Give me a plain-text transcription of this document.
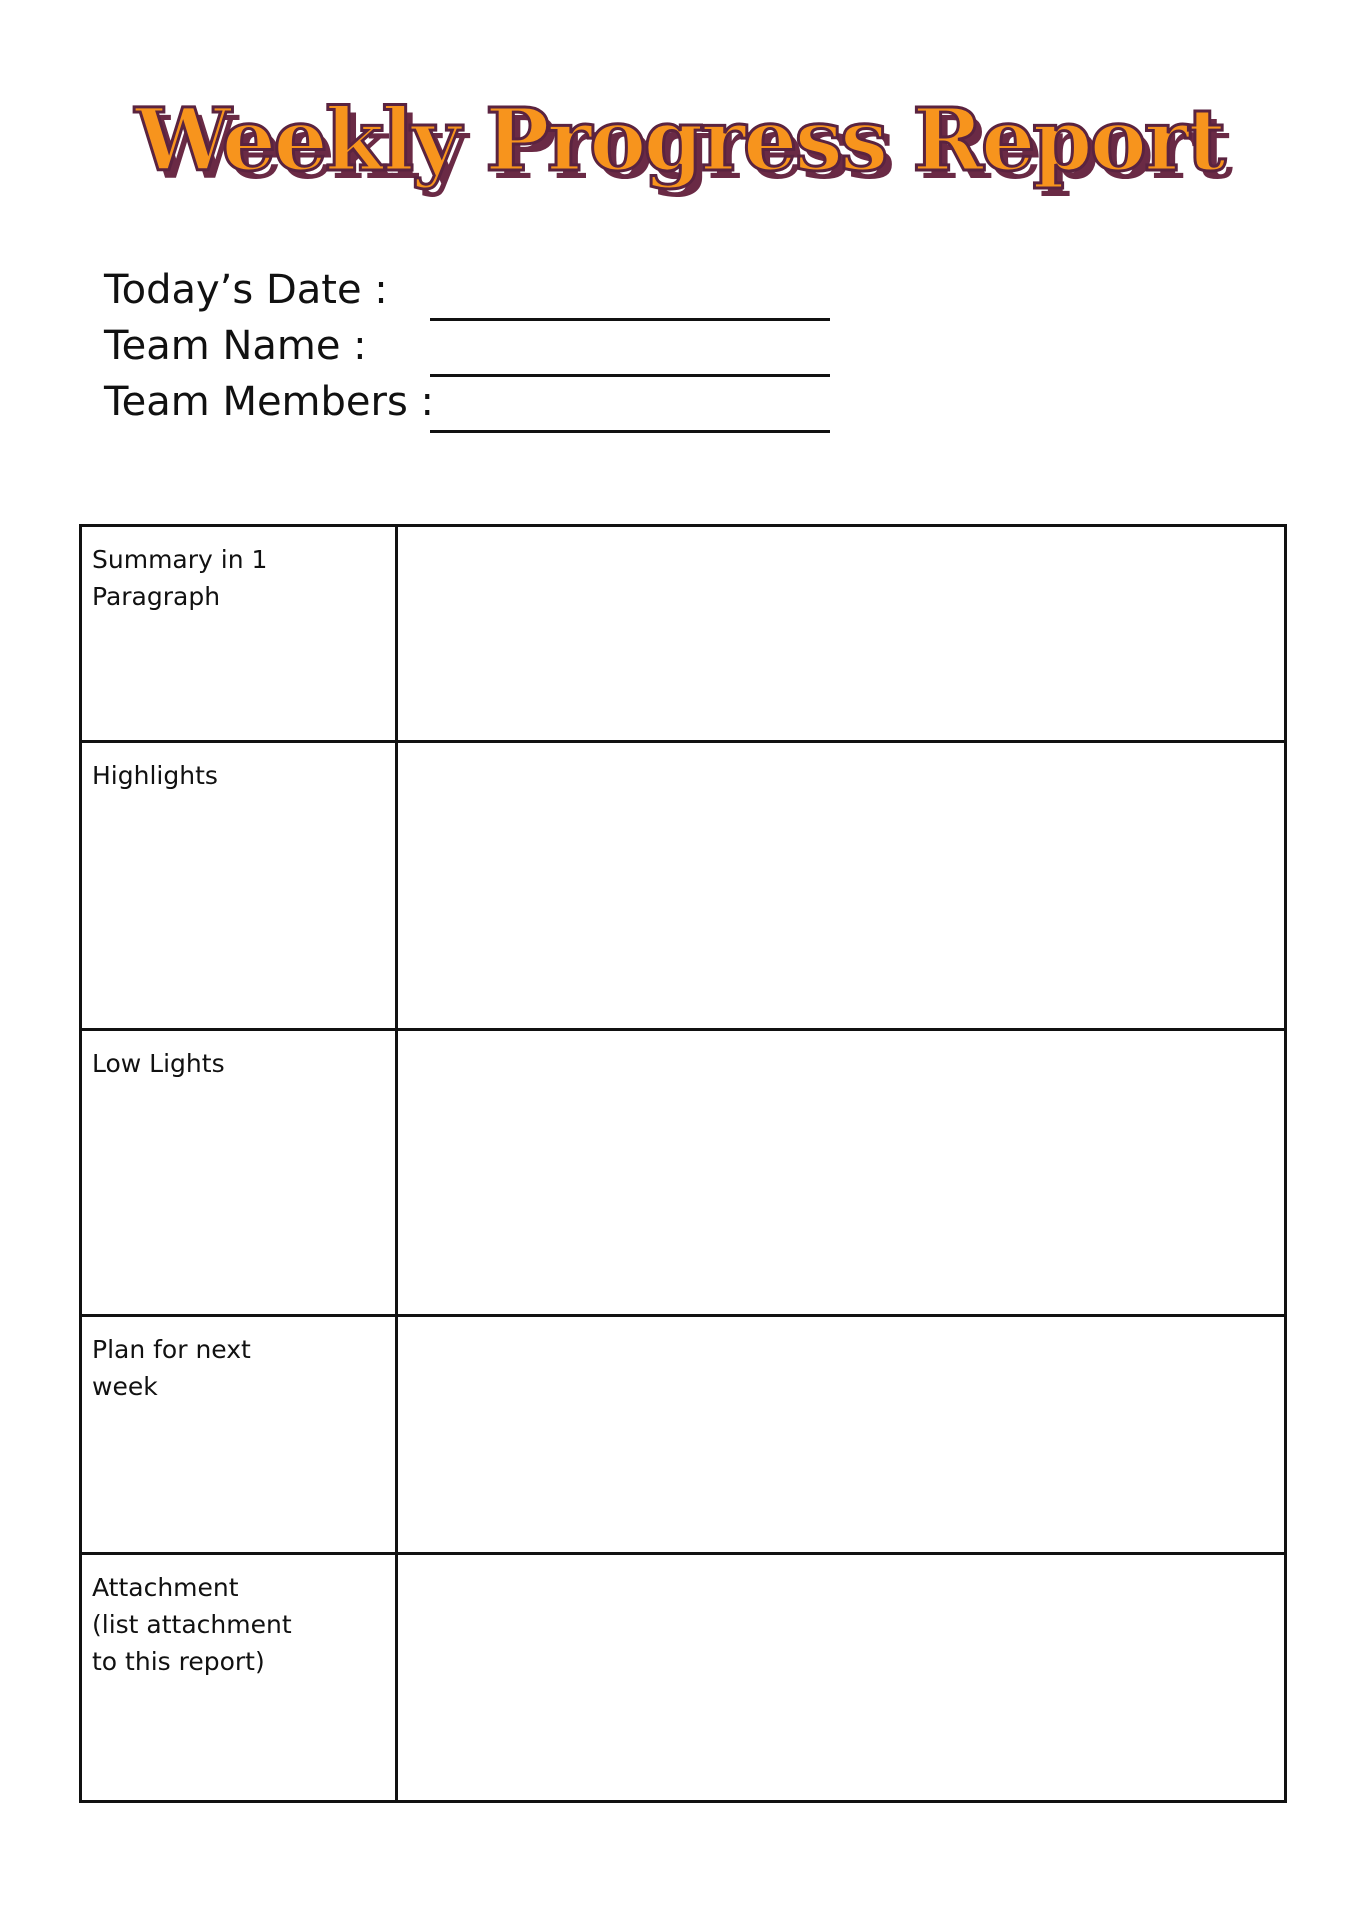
Weekly Progress Report
Today’s Date :
Team Name :
Team Members :
Summary in 1
Paragraph	

Highlights	

Low Lights	

Plan for next
week	

Attachment
(list attachment
to this report)	
